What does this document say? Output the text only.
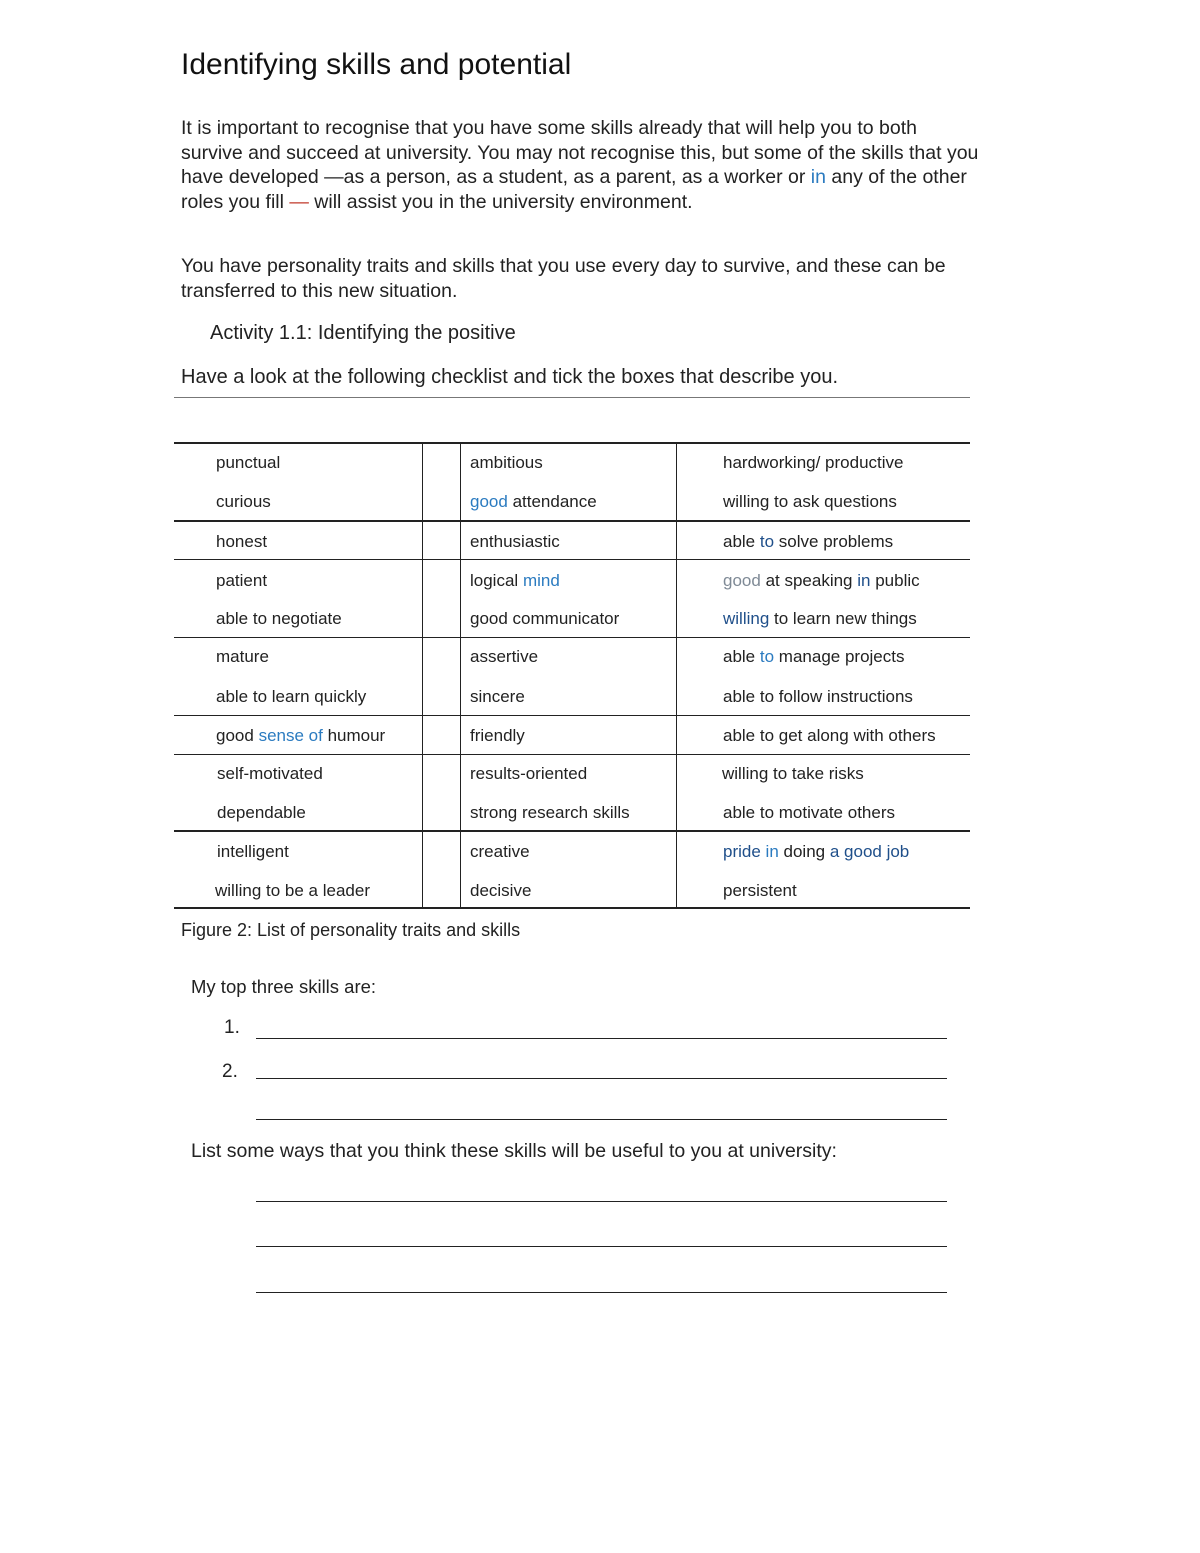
Identifying skills and potential
It is important to recognise that you have some skills already that will help you to both survive and succeed at university. You may not recognise this, but some of the skills that you have developed —as a person, as a student, as a parent, as a worker or in any of the other roles you fill — will assist you in the university environment.
You have personality traits and skills that you use every day to survive, and these can be transferred to this new situation.
Activity 1.1: Identifying the positive
Have a look at the following checklist and tick the boxes that describe you.
punctual
curious
honest
patient
able to negotiate
mature
able to learn quickly
good sense of humour
self-motivated
dependable
intelligent
willing to be a leader
ambitious
good attendance
enthusiastic
logical mind
good communicator
assertive
sincere
friendly
results-oriented
strong research skills
creative
decisive
hardworking/ productive
willing to ask questions
able to solve problems
good at speaking in public
willing to learn new things
able to manage projects
able to follow instructions
able to get along with others
willing to take risks
able to motivate others
pride in doing a good job
persistent
Figure 2: List of personality traits and skills
My top three skills are:
1.
2.
List some ways that you think these skills will be useful to you at university:
